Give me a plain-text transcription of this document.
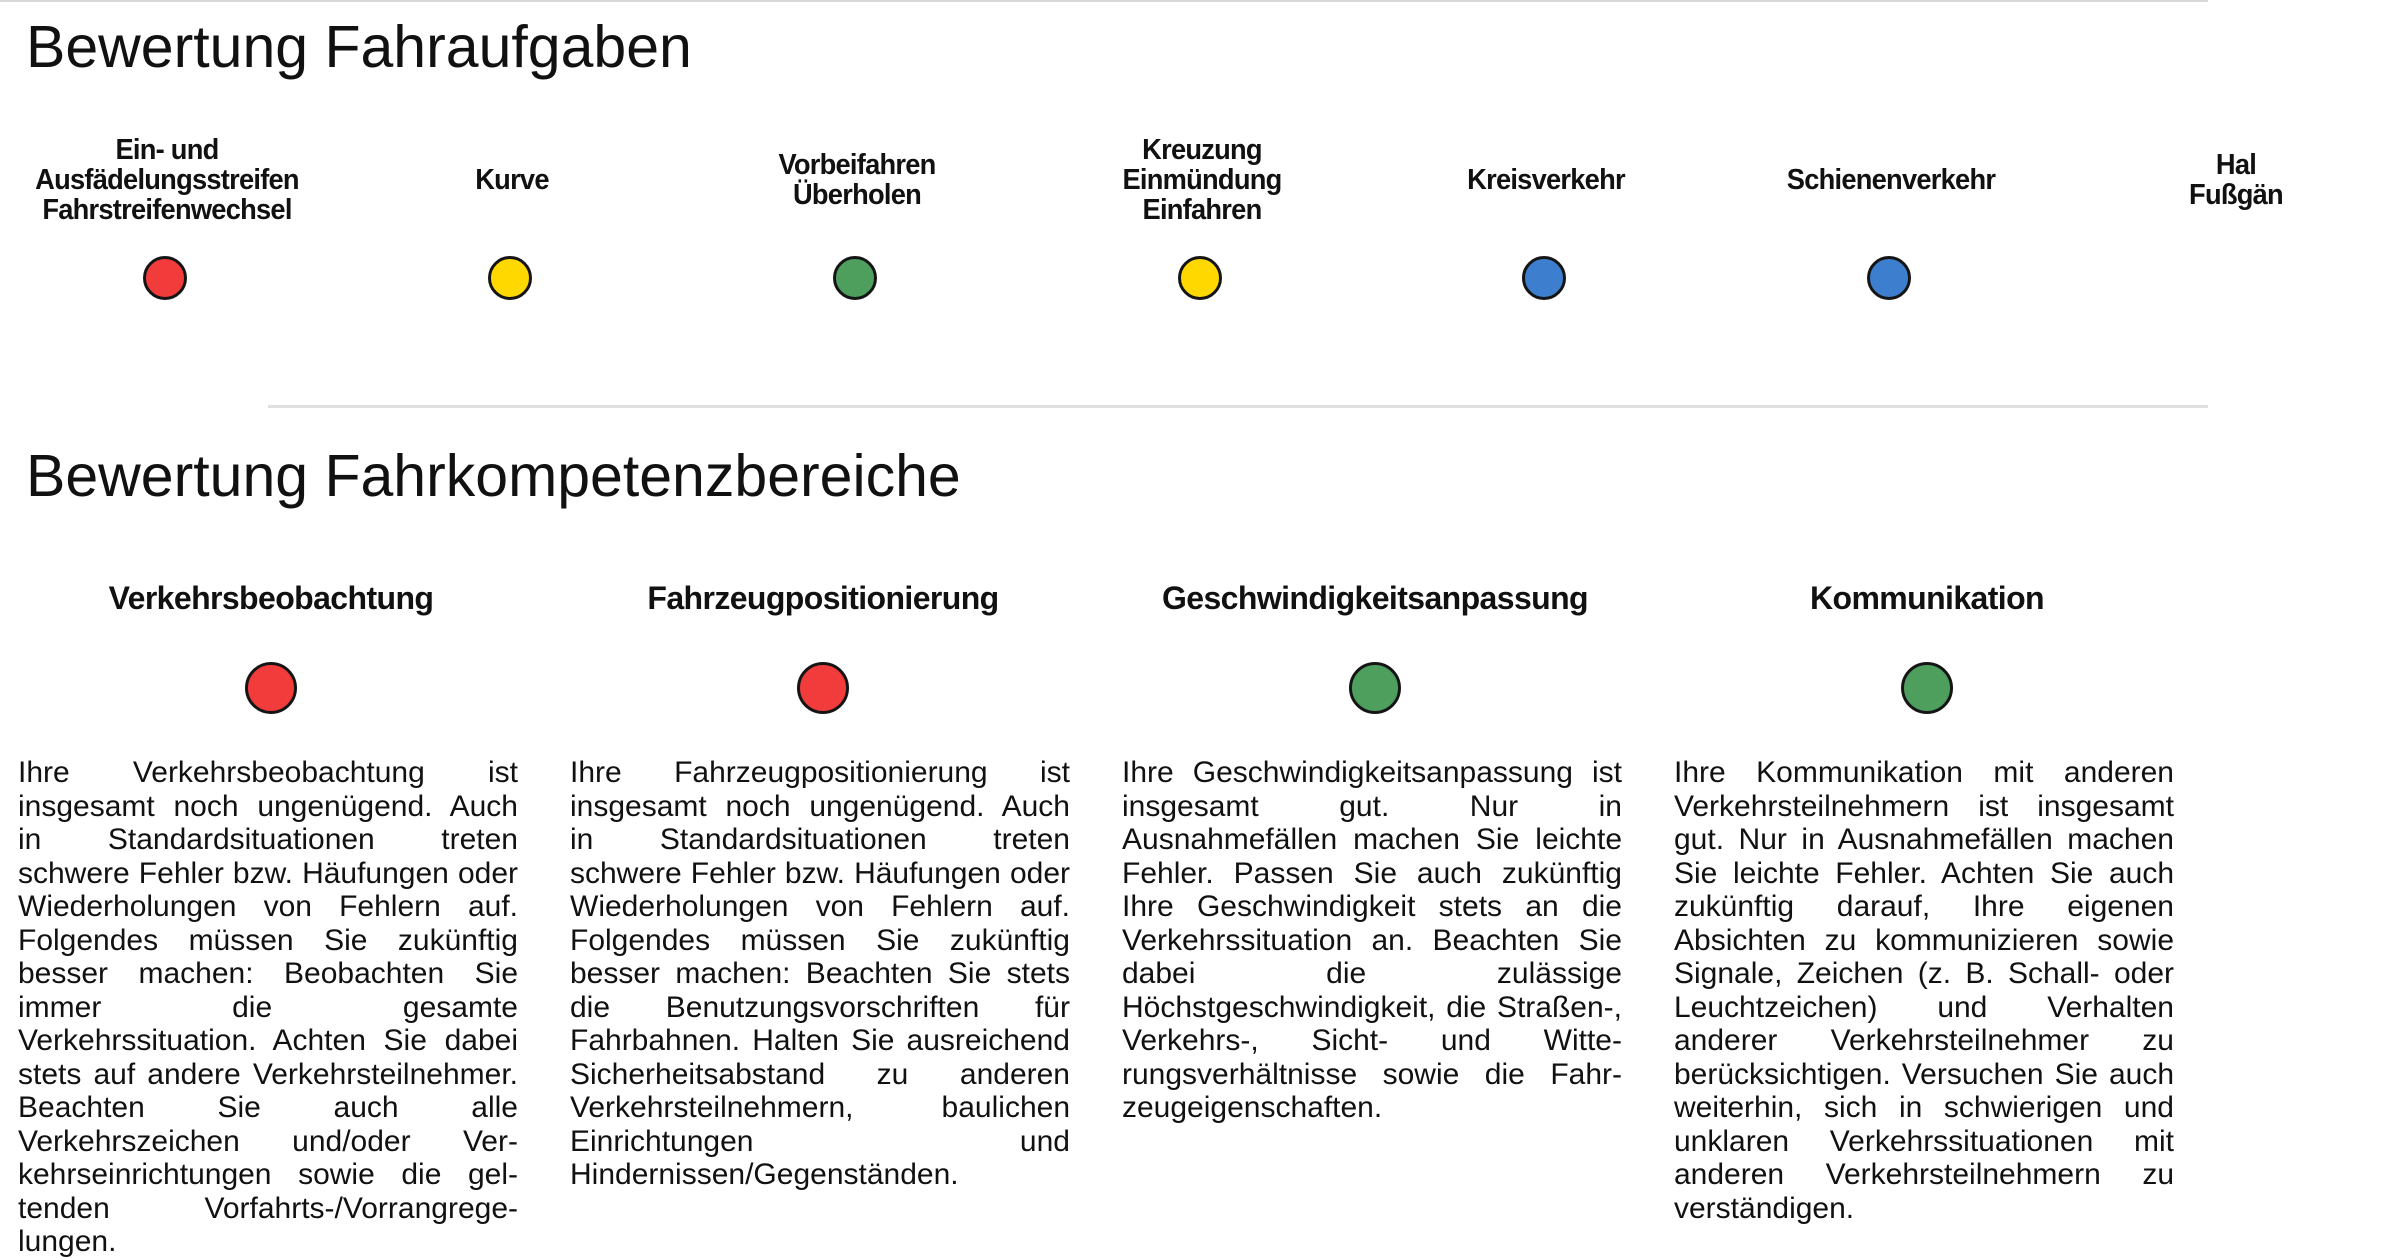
Bewertung Fahraufgaben
Ein- und
Ausfädelungsstreifen
Fahrstreifenwechsel
Kurve	Vorbeifahren
Überholen
Kreuzung
Einmündung
Einfahren
Kreisverkehr	Schienenverkehr	Hal
Fußgän
Bewertung Fahrkompetenzbereiche
Verkehrsbeobachtung

Ihre Verkehrsbeobachtung ist insgesamt noch ungenügend. Auch in Standardsituationen treten schwere Fehler bzw. Häufungen oder Wiederholungen von Fehlern auf. Folgendes müssen Sie zukünftig besser machen: Beobachten Sie immer die gesamte Verkehrssituation. Achten Sie dabei stets auf andere Verkehrsteilnehmer. Beachten Sie auch alle Verkehrszeichen und/oder Verkehrseinrichtungen sowie die geltenden Vorfahrts-/Vorrangregelungen.

Fahrzeugpositionierung

Ihre Fahrzeugpositionierung ist insgesamt noch ungenügend. Auch in Standardsituationen treten schwere Fehler bzw. Häufungen oder Wiederholungen von Fehlern auf. Folgendes müssen Sie zukünftig besser machen: Beachten Sie stets die Benutzungsvorschriften für Fahrbahnen. Halten Sie ausreichend Sicherheitsabstand zu anderen Verkehrsteilnehmern, baulichen Einrichtungen und Hindernissen/Gegenständen.

Geschwindigkeitsanpassung

Ihre Geschwindigkeitsanpassung ist insgesamt gut. Nur in Ausnahmefällen machen Sie leichte Fehler. Passen Sie auch zukünftig Ihre Geschwindigkeit stets an die Verkehrssituation an. Beachten Sie dabei die zulässige Höchstgeschwindigkeit, die Straßen-, Verkehrs-, Sicht- und Witterungsverhältnisse sowie die Fahrzeugeigenschaften.

Kommunikation

Ihre Kommunikation mit anderen Verkehrsteilnehmern ist insgesamt gut. Nur in Ausnahmefällen machen Sie leichte Fehler. Achten Sie auch zukünftig darauf, Ihre eigenen Absichten zu kommunizieren sowie Signale, Zeichen (z. B. Schall- oder Leuchtzeichen) und Verhalten anderer Verkehrsteilnehmer zu berücksichtigen. Versuchen Sie auch weiterhin, sich in schwierigen und unklaren Verkehrssituationen mit anderen Verkehrsteilnehmern zu verständigen.
